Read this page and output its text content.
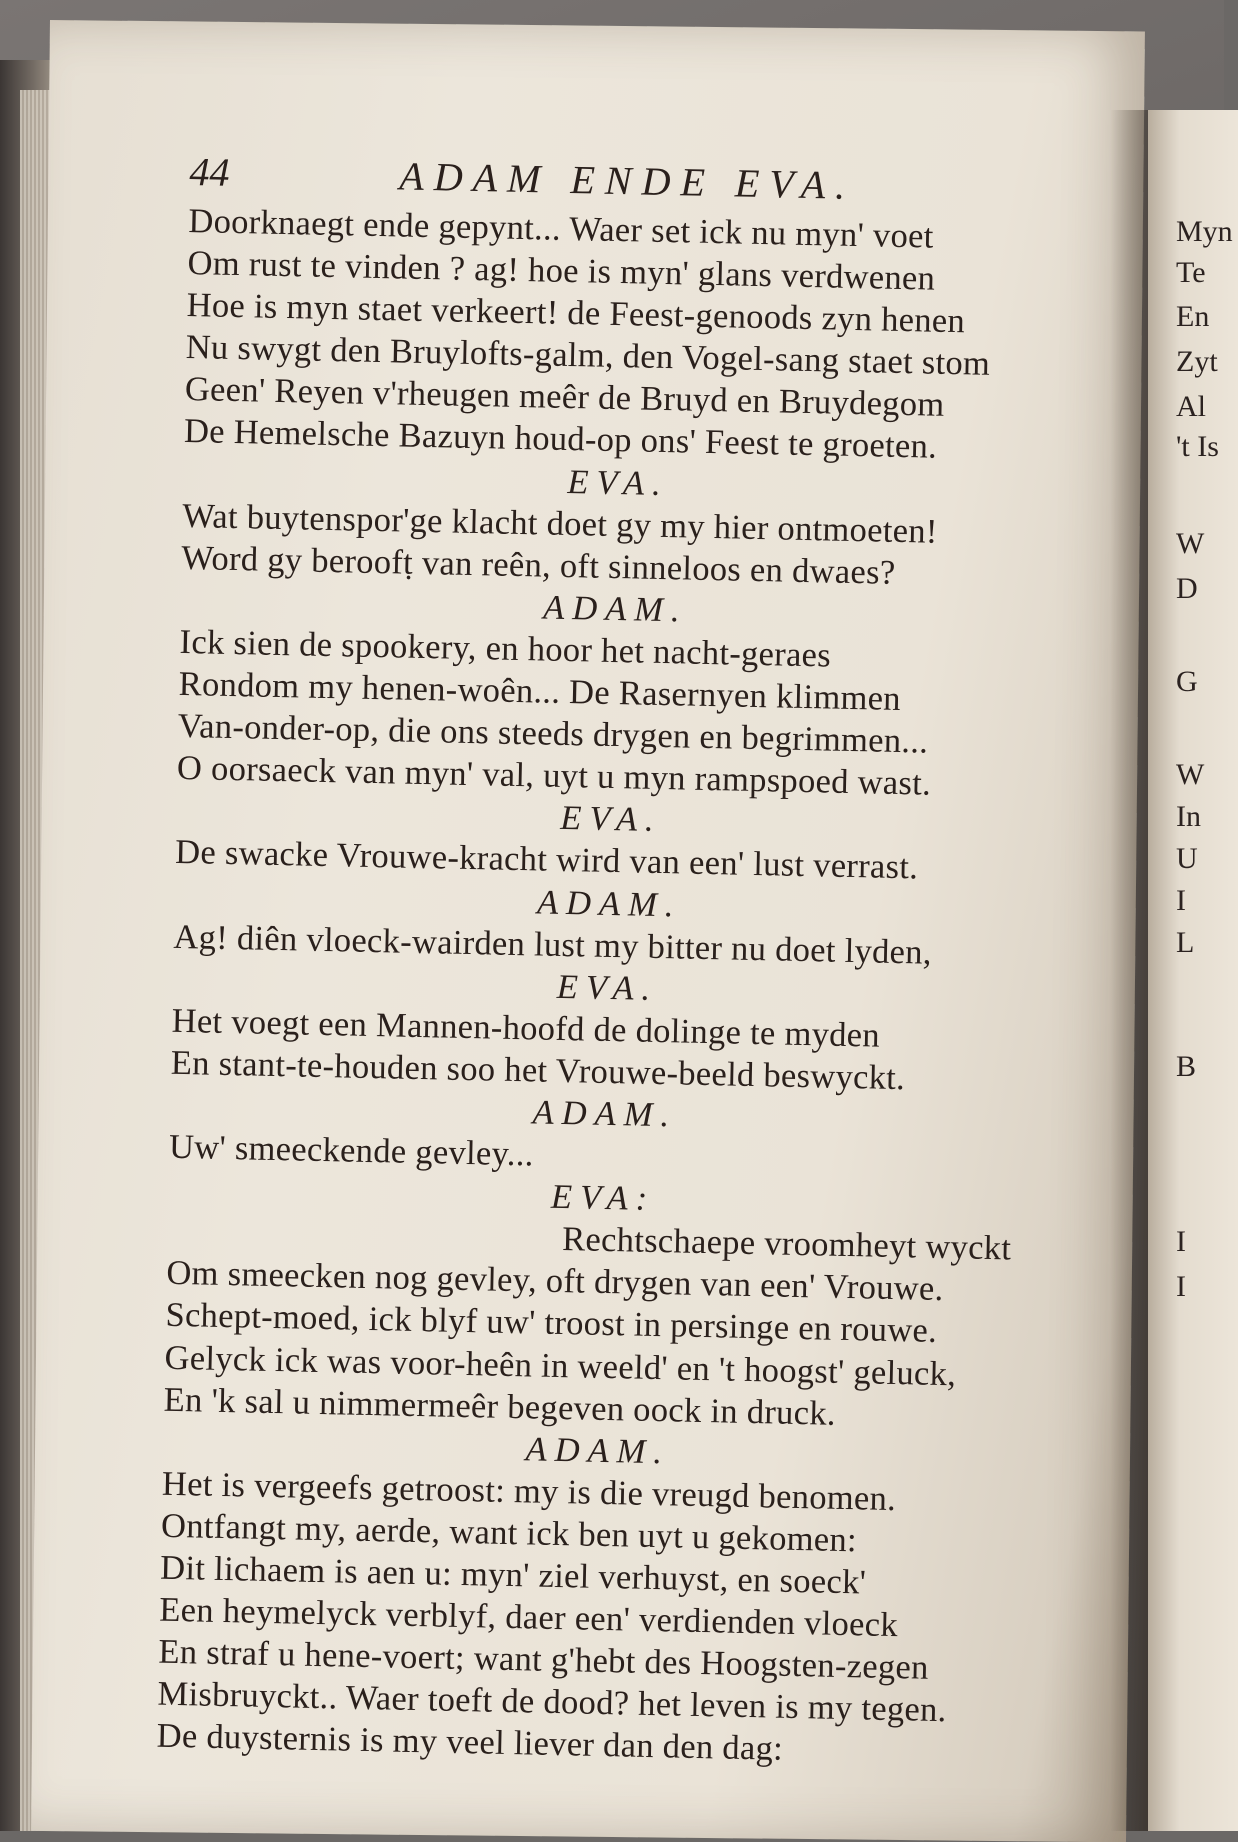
Myn
Te
En
Zyt
Al
't Is
W
D
G
W
In
U
I
L
B
I
I
44	ADAM ENDE EVA.
Doorknaegt ende gepynt... Waer set ick nu myn' voet
Om rust te vinden ? ag! hoe is myn' glans verdwenen
Hoe is myn staet verkeert! de Feest-genoods zyn henen
Nu swygt den Bruylofts-galm, den Vogel-sang staet stom
Geen' Reyen v'rheugen meêr de Bruyd en Bruydegom
De Hemelsche Bazuyn houd-op ons' Feest te groeten.
EVA.
Wat buytenspor'ge klacht doet gy my hier ontmoeten!
Word gy beroofṭ van reên, oft sinneloos en dwaes?
ADAM.
Ick sien de spookery, en hoor het nacht-geraes
Rondom my henen-woên... De Rasernyen klimmen
Van-onder-op, die ons steeds drygen en begrimmen...
O oorsaeck van myn' val, uyt u myn rampspoed wast.
EVA.
De swacke Vrouwe-kracht wird van een' lust verrast.
ADAM.
Ag! diên vloeck-wairden lust my bitter nu doet lyden,
EVA.
Het voegt een Mannen-hoofd de dolinge te myden
En stant-te-houden soo het Vrouwe-beeld beswyckt.
ADAM.
Uw' smeeckende gevley...
EVA:
Rechtschaepe vroomheyt wyckt
Om smeecken nog gevley, oft drygen van een' Vrouwe.
Schept-moed, ick blyf uw' troost in persinge en rouwe.
Gelyck ick was voor-heên in weeld' en 't hoogst' geluck,
En 'k sal u nimmermeêr begeven oock in druck.
ADAM.
Het is vergeefs getroost: my is die vreugd benomen.
Ontfangt my, aerde, want ick ben uyt u gekomen:
Dit lichaem is aen u: myn' ziel verhuyst, en soeck'
Een heymelyck verblyf, daer een' verdienden vloeck
En straf u hene-voert; want g'hebt des Hoogsten-zegen
Misbruyckt.. Waer toeft de dood? het leven is my tegen.
De duysternis is my veel liever dan den dag:
